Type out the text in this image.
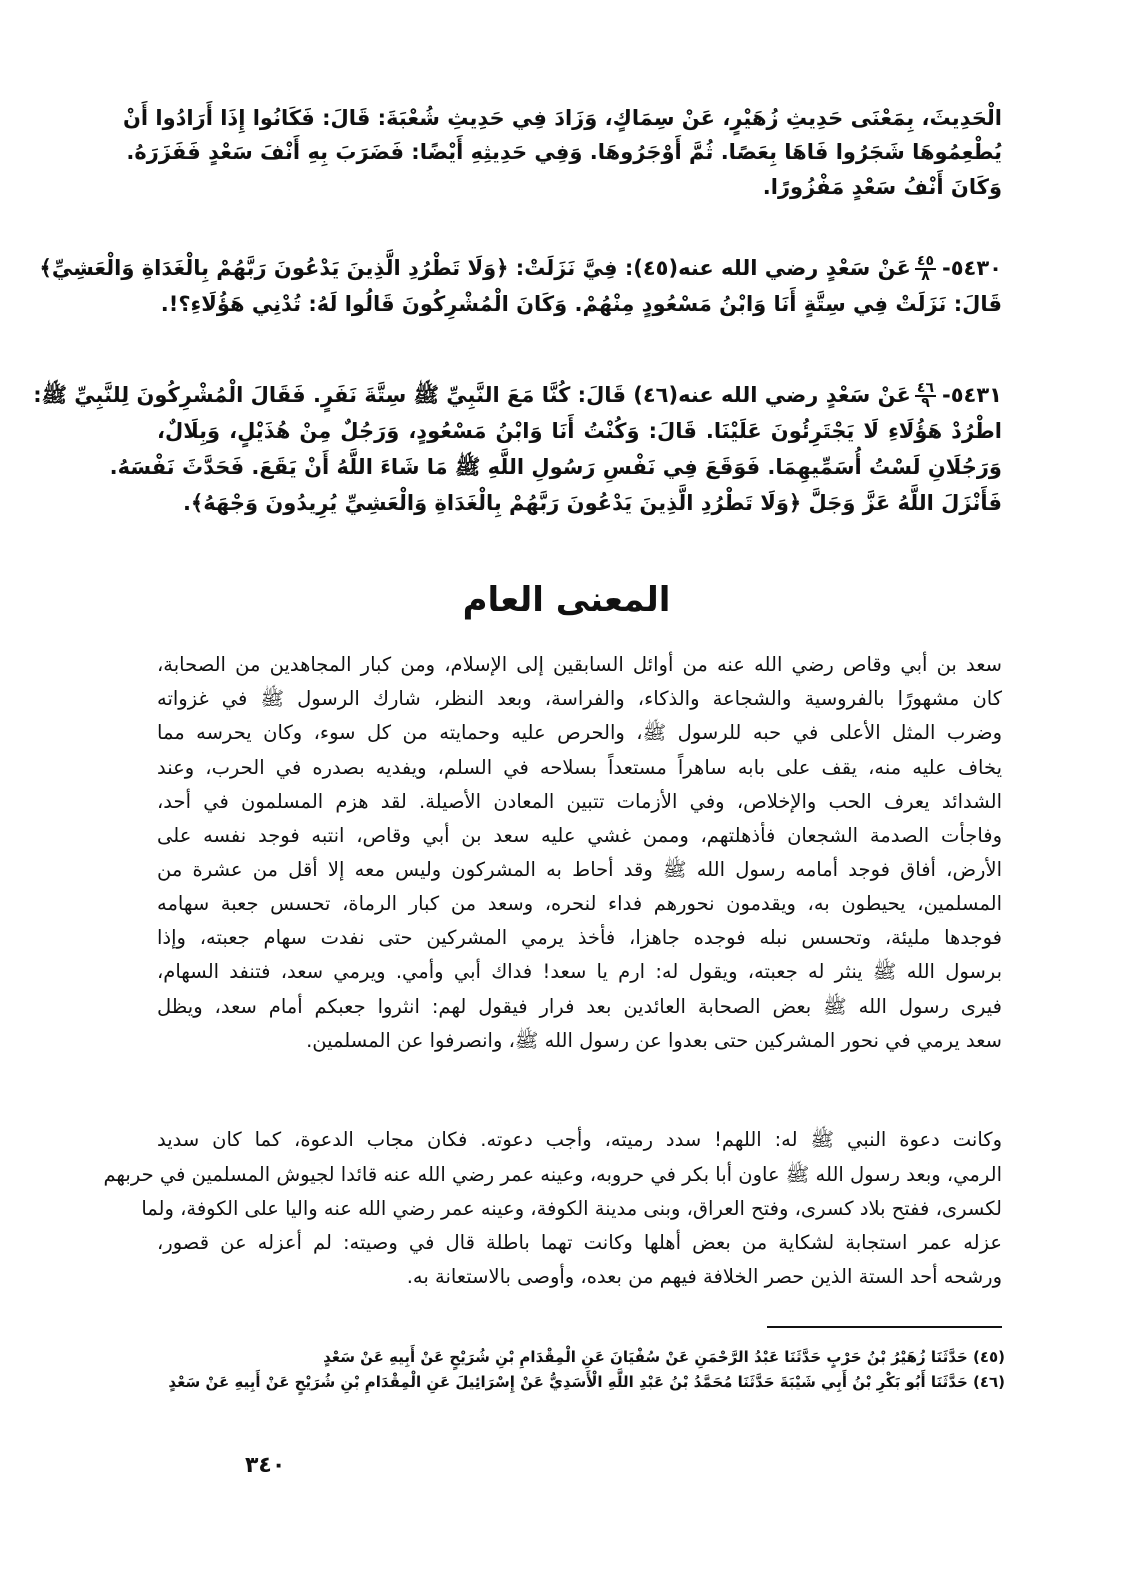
الْحَدِيثَ، بِمَعْنَى حَدِيثِ زُهَيْرٍ، عَنْ سِمَاكٍ، وَزَادَ فِي حَدِيثِ شُعْبَةَ: قَالَ: فَكَانُوا إِذَا أَرَادُوا أَنْ
يُطْعِمُوهَا شَجَرُوا فَاهَا بِعَصًا. ثُمَّ أَوْجَرُوهَا. وَفِي حَدِيثِهِ أَيْضًا: فَضَرَبَ بِهِ أَنْفَ سَعْدٍ فَفَزَرَهُ.
وَكَانَ أَنْفُ سَعْدٍ مَفْزُورًا.
٥٤٣٠-
$\frac{٤٥}{٨}$
عَنْ سَعْدٍ رضي الله عنه(٤٥): فِيَّ نَزَلَتْ: ﴿وَلَا تَطْرُدِ الَّذِينَ يَدْعُونَ رَبَّهُمْ بِالْغَدَاةِ وَالْعَشِيِّ﴾
قَالَ: نَزَلَتْ فِي سِتَّةٍ أَنَا وَابْنُ مَسْعُودٍ مِنْهُمْ. وَكَانَ الْمُشْرِكُونَ قَالُوا لَهُ: تُدْنِي هَؤُلَاءِ؟!.
٥٤٣١-
$\frac{٤٦}{٩}$
عَنْ سَعْدٍ رضي الله عنه(٤٦) قَالَ: كُنَّا مَعَ النَّبِيِّ ﷺ سِتَّةَ نَفَرٍ. فَقَالَ الْمُشْرِكُونَ لِلنَّبِيِّ ﷺ:
اطْرُدْ هَؤُلَاءِ لَا يَجْتَرِئُونَ عَلَيْنَا. قَالَ: وَكُنْتُ أَنَا وَابْنُ مَسْعُودٍ، وَرَجُلٌ مِنْ هُذَيْلٍ، وَبِلَالٌ،
وَرَجُلَانِ لَسْتُ أُسَمِّيهِمَا. فَوَقَعَ فِي نَفْسِ رَسُولِ اللَّهِ ﷺ مَا شَاءَ اللَّهُ أَنْ يَقَعَ. فَحَدَّثَ نَفْسَهُ.
فَأَنْزَلَ اللَّهُ عَزَّ وَجَلَّ ﴿وَلَا تَطْرُدِ الَّذِينَ يَدْعُونَ رَبَّهُمْ بِالْغَدَاةِ وَالْعَشِيِّ يُرِيدُونَ وَجْهَهُ﴾.
المعنى العام
سعد بن أبي وقاص رضي الله عنه من أوائل السابقين إلى الإسلام، ومن كبار المجاهدين من الصحابة،
كان مشهورًا بالفروسية والشجاعة والذكاء، والفراسة، وبعد النظر، شارك الرسول ﷺ في غزواته
وضرب المثل الأعلى في حبه للرسول ﷺ، والحرص عليه وحمايته من كل سوء، وكان يحرسه مما
يخاف عليه منه، يقف على بابه ساهراً مستعداً بسلاحه في السلم، ويفديه بصدره في الحرب، وعند
الشدائد يعرف الحب والإخلاص، وفي الأزمات تتبين المعادن الأصيلة. لقد هزم المسلمون في أحد،
وفاجأت الصدمة الشجعان فأذهلتهم، وممن غشي عليه سعد بن أبي وقاص، انتبه فوجد نفسه على
الأرض، أفاق فوجد أمامه رسول الله ﷺ وقد أحاط به المشركون وليس معه إلا أقل من عشرة من
المسلمين، يحيطون به، ويقدمون نحورهم فداء لنحره، وسعد من كبار الرماة، تحسس جعبة سهامه
فوجدها مليئة، وتحسس نبله فوجده جاهزا، فأخذ يرمي المشركين حتى نفدت سهام جعبته، وإذا
برسول الله ﷺ ينثر له جعبته، ويقول له: ارم يا سعد! فداك أبي وأمي. ويرمي سعد، فتنفد السهام،
فيرى رسول الله ﷺ بعض الصحابة العائدين بعد فرار فيقول لهم: انثروا جعبكم أمام سعد، ويظل
سعد يرمي في نحور المشركين حتى بعدوا عن رسول الله ﷺ، وانصرفوا عن المسلمين.
وكانت دعوة النبي ﷺ له: اللهم! سدد رميته، وأجب دعوته. فكان مجاب الدعوة، كما كان سديد
الرمي، وبعد رسول الله ﷺ عاون أبا بكر في حروبه، وعينه عمر رضي الله عنه قائدا لجيوش المسلمين في حربهم
لكسرى، ففتح بلاد كسرى، وفتح العراق، وبنى مدينة الكوفة، وعينه عمر رضي الله عنه واليا على الكوفة، ولما
عزله عمر استجابة لشكاية من بعض أهلها وكانت تهما باطلة قال في وصيته: لم أعزله عن قصور،
ورشحه أحد الستة الذين حصر الخلافة فيهم من بعده، وأوصى بالاستعانة به.
(٤٥) حَدَّثَنَا زُهَيْرُ بْنُ حَرْبٍ حَدَّثَنَا عَبْدُ الرَّحْمَنِ عَنْ سُفْيَانَ عَنِ الْمِقْدَامِ بْنِ شُرَيْحٍ عَنْ أَبِيهِ عَنْ سَعْدٍ
(٤٦) حَدَّثَنَا أَبُو بَكْرِ بْنُ أَبِي شَيْبَةَ حَدَّثَنَا مُحَمَّدُ بْنُ عَبْدِ اللَّهِ الْأَسَدِيُّ عَنْ إِسْرَائِيلَ عَنِ الْمِقْدَامِ بْنِ شُرَيْحٍ عَنْ أَبِيهِ عَنْ سَعْدٍ
٣٤٠
